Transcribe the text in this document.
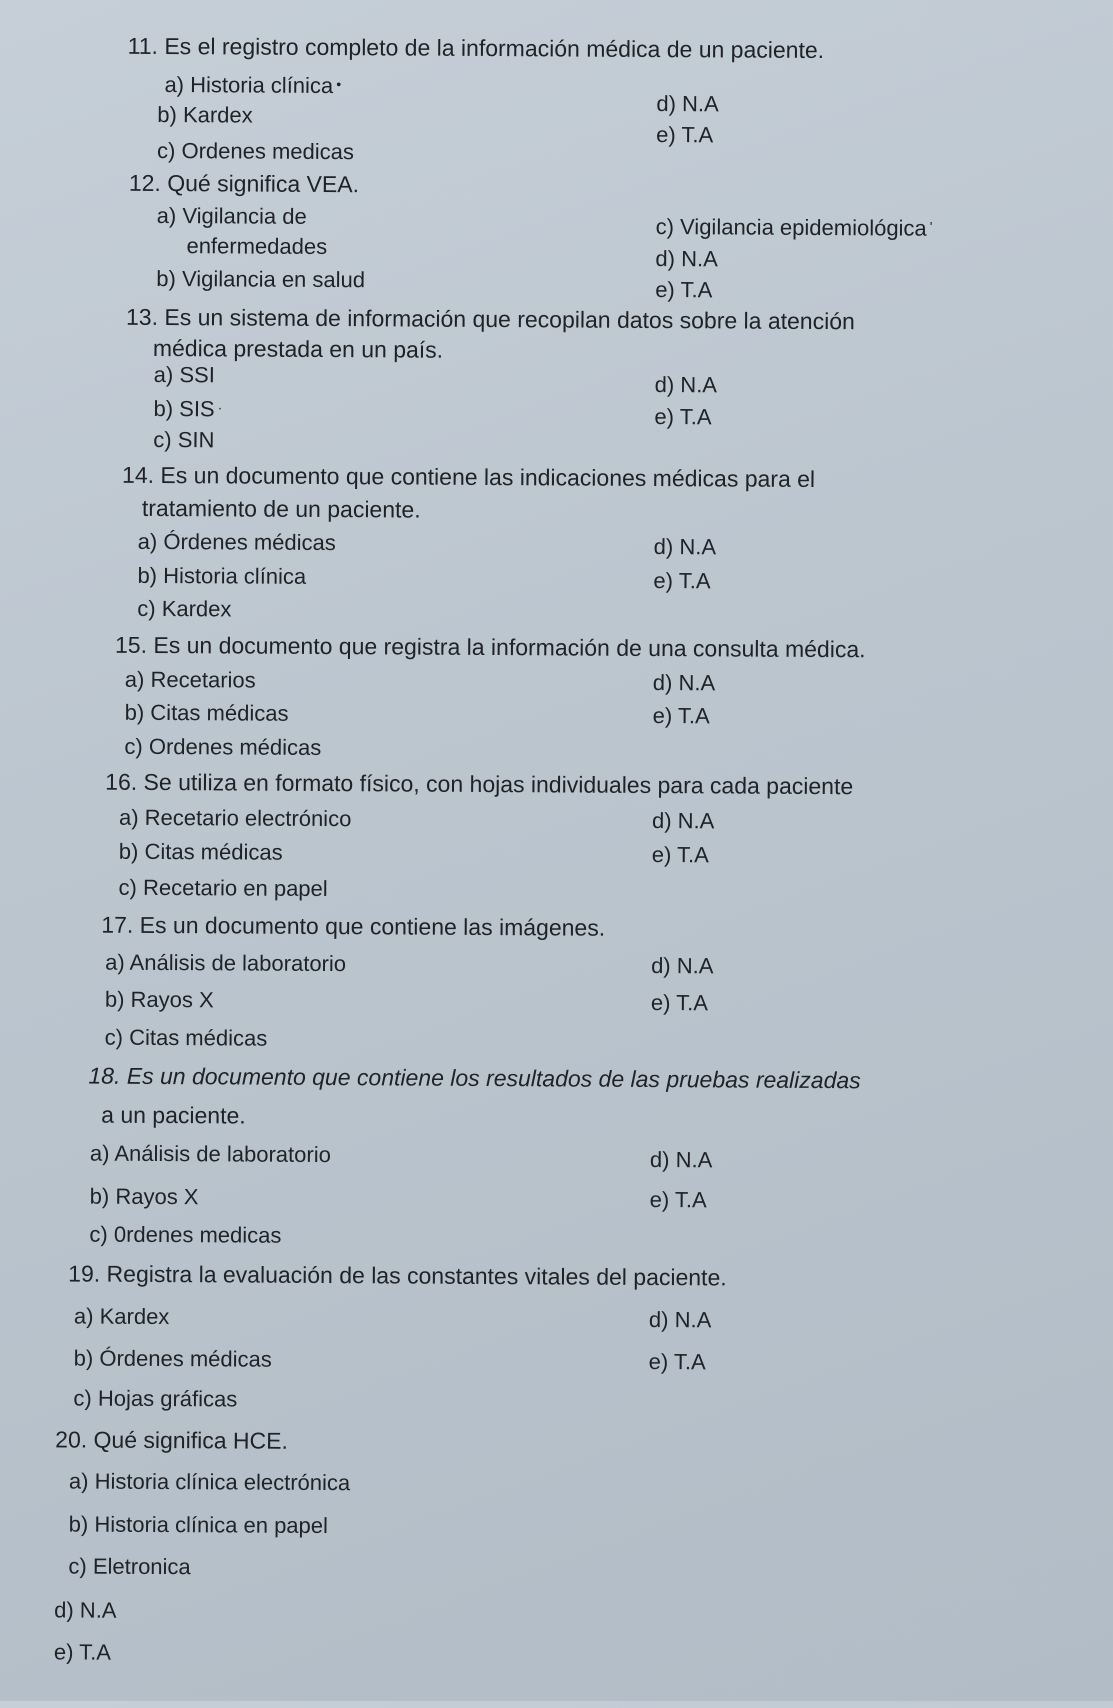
11. Es el registro completo de la información médica de un paciente.
a) Historia clínica •
b) Kardex
c) Ordenes medicas
d) N.A
e) T.A
12. Qué significa VEA.
a) Vigilancia de
enfermedades
b) Vigilancia en salud
c) Vigilancia epidemiológica '
d) N.A
e) T.A
13. Es un sistema de información que recopilan datos sobre la atención
médica prestada en un país.
a) SSI
b) SIS ·
c) SIN
d) N.A
e) T.A
14. Es un documento que contiene las indicaciones médicas para el
tratamiento de un paciente.
a) Órdenes médicas
b) Historia clínica
c) Kardex
d) N.A
e) T.A
15. Es un documento que registra la información de una consulta médica.
a) Recetarios
b) Citas médicas
c) Ordenes médicas
d) N.A
e) T.A
16. Se utiliza en formato físico, con hojas individuales para cada paciente
a) Recetario electrónico
b) Citas médicas
c) Recetario en papel
d) N.A
e) T.A
17. Es un documento que contiene las imágenes.
a) Análisis de laboratorio
b) Rayos X
c) Citas médicas
d) N.A
e) T.A
18. Es un documento que contiene los resultados de las pruebas realizadas
a un paciente.
a) Análisis de laboratorio
b) Rayos X
c) 0rdenes medicas
d) N.A
e) T.A
19. Registra la evaluación de las constantes vitales del paciente.
a) Kardex
b) Órdenes médicas
c) Hojas gráficas
d) N.A
e) T.A
20. Qué significa HCE.
a) Historia clínica electrónica
b) Historia clínica en papel
c) Eletronica
d) N.A
e) T.A
